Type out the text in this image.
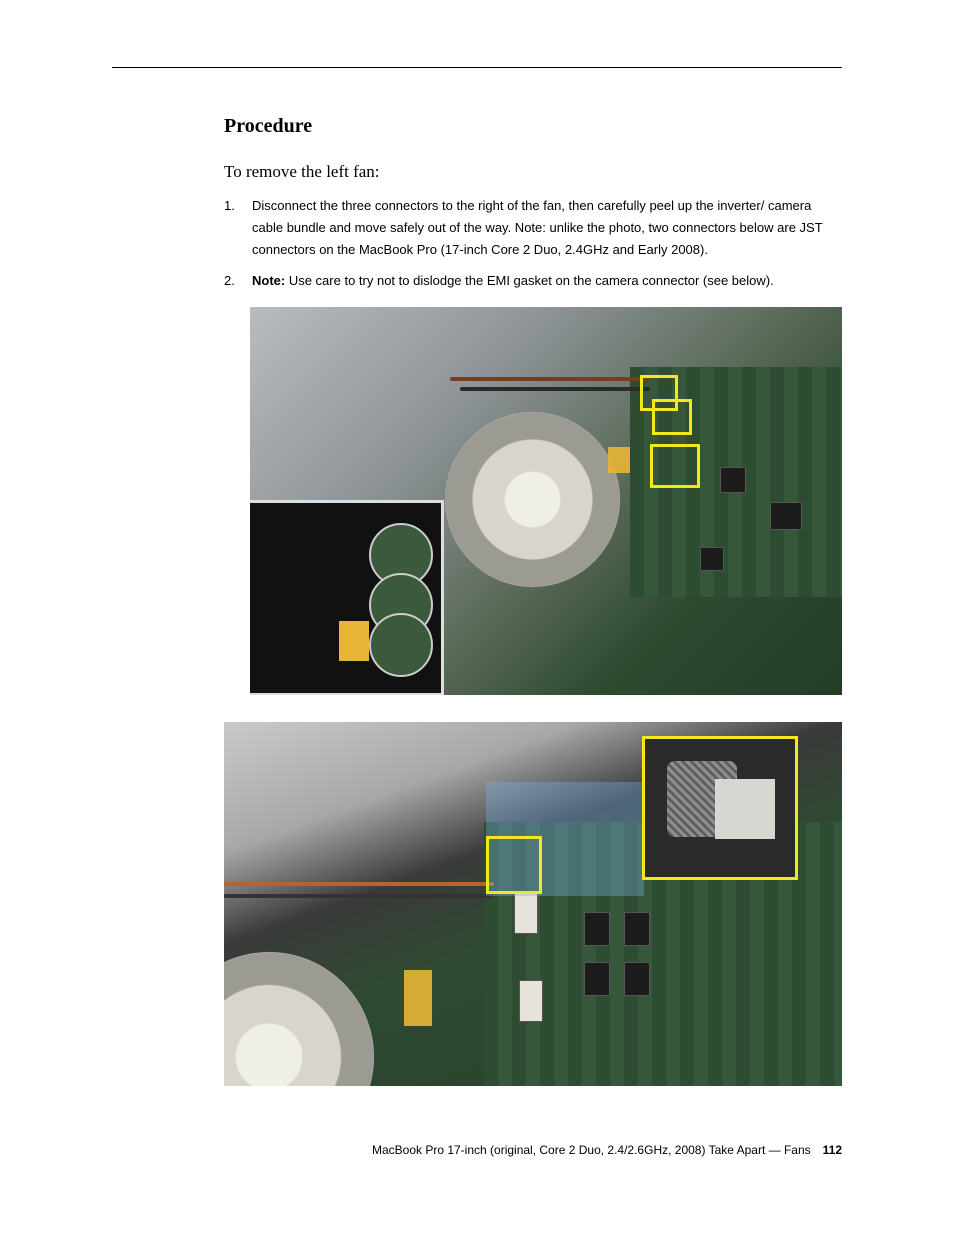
Procedure

To remove the left fan:

1. Disconnect the three connectors to the right of the fan, then carefully peel up the inverter/ camera cable bundle and move safely out of the way. Note: unlike the photo, two connectors below are JST connectors on the MacBook Pro (17-inch Core 2 Duo, 2.4GHz and Early 2008).
2. Note: Use care to try not to dislodge the EMI gasket on the camera connector (see below).
MacBook Pro 17-inch (original, Core 2 Duo, 2.4/2.6GHz, 2008) Take Apart — Fans 112
